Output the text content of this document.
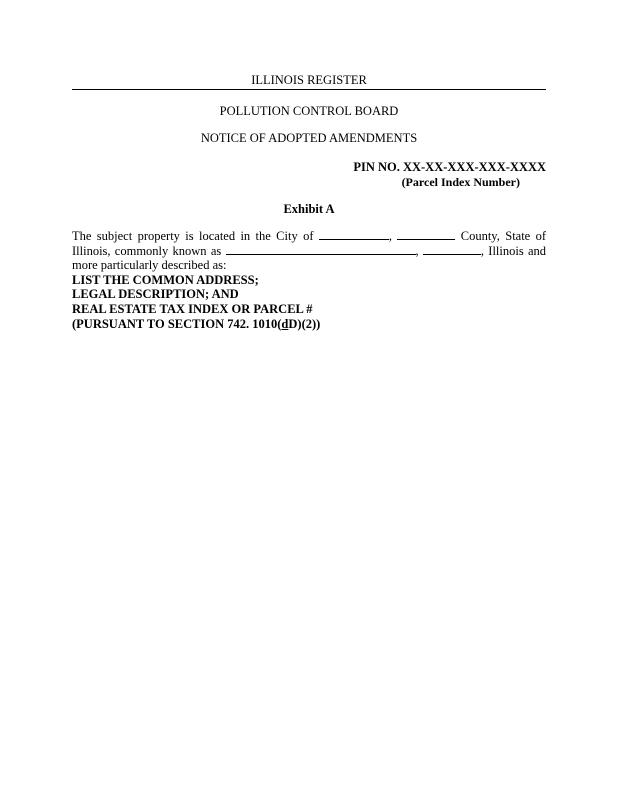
ILLINOIS REGISTER
POLLUTION CONTROL BOARD
NOTICE OF ADOPTED AMENDMENTS
PIN NO. XX-XX-XXX-XXX-XXXX
(Parcel Index Number)
Exhibit A
The subject property is located in the City of	,	County, State of
Illinois, commonly known as	,	, Illinois and
more particularly described as:
LIST THE COMMON ADDRESS;
LEGAL DESCRIPTION; AND
REAL ESTATE TAX INDEX OR PARCEL #
(PURSUANT TO SECTION 742. 1010(dD)(2))
